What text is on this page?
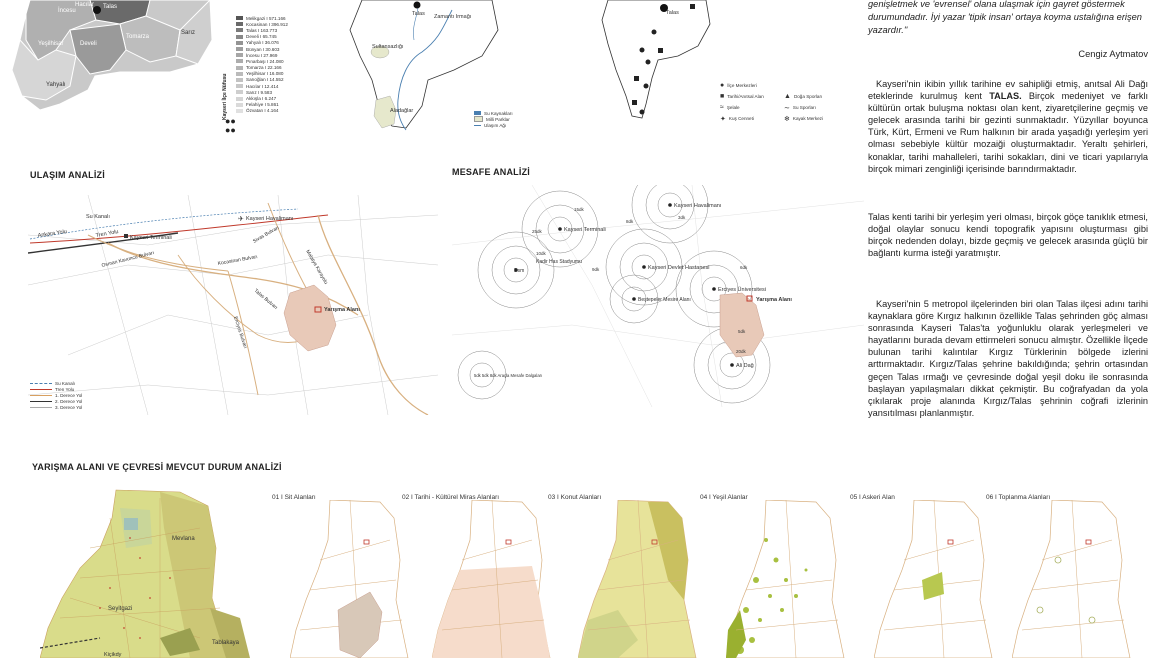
Hacılar Talas
İncesu
Tomarza
Sarız
Yeşilhisar	Develi
Yahyalı
Melikgazi I 571.166
Kocasinan I 396.912
Talas I 163.773
Develi I 65.745
Yahyalı I 36.076
Bünyan I 30.603
İncesu I 27.969
Pınarbaşı I 24.080
Tomarza I 22.166
Yeşilhisar I 16.080
Sarıoğlan I 14.552
Hacılar I 12.414
Sarız I 9.583
Akkışla I 6.247
Felahiye I 5.861
Özvatan I 4.164
Kayseri İlçe Nüfusu
●●
●●
Talas Zamantı Irmağı
Sultansazlığı
Aladağlar	Su Kaynakları
Milli Parklar
Ulaşım Ağı
Talas
● İlçe Merkezleri
■ Tarihi/Anıtsal Alan
≈ Şelale
✦ Kuş Cenneti
▲ Doğa Sporları
∼ Su Sporları
❄ Kayak Merkezi
genişletmek ve 'evrensel' olana ulaşmak için gayret göstermek durumundadır. İyi yazar 'tipik insan' ortaya koyma ustalığına erişen yazardır.''
Cengiz Aytmatov
Kayseri'nin ikibin yıllık tarihine ev sahipliği etmiş, anıtsal Ali Dağı eteklerinde kurulmuş kent TALAS. Birçok medeniyet ve farklı kültürün ortak buluşma noktası olan kent, ziyaretçilerine geçmiş ve gelecek arasında tarihi bir gezinti sunmaktadır. Yüzyıllar boyunca Türk, Kürt, Ermeni ve Rum halkının bir arada yaşadığı yerleşim yeri olması sebebiyle kültür mozaiği oluşturmaktadır. Yeraltı şehirleri, konaklar, tarihi mahalleleri, tarihi sokakları, dini ve ticari yapılarıyla birçok mimari zenginliği içerisinde barındırmaktadır.
Talas kenti tarihi bir yerleşim yeri olması, birçok göçe tanıklık etmesi, doğal olaylar sonucu kendi topografik yapısını oluşturması gibi birçok nedenden dolayı, bizde geçmiş ve gelecek arasında güçlü bir bağlantı kurma isteği yaratmıştır.
Kayseri'nin 5 metropol ilçelerinden biri olan Talas ilçesi adını tarihi kaynaklara göre Kırgız halkının özellikle Talas şehrinden göç alması sonrasında Kayseri Talas'ta yoğunluklu olarak yerleşmeleri ve hayatlarını burada devam ettirmeleri sonucu almıştır. Özellikle İlçede bulunan tarihi kalıntılar Kırgız Türklerinin bölgede izlerini arttırmaktadır. Kırgız/Talas şehrine bakıldığında; şehrin ortasından geçen Talas ırmağı ve çevresinde doğal yeşil doku ile sonrasında başlayan yapılaşmaları dikkat çekmiştir. Bu coğrafyadan da yola çıkılarak proje alanında Kırgız/Talas şehrinin coğrafi izlerinin yansıtılması planlanmıştır.
ULAŞIM ANALİZİ
Su Kanalı
Ankara Yolu	Tren Yolu Kayseri Terminali
Kayseri Havalimanı
✈
Sivas Bulvarı
Kocasinan Bulvarı
Osman Kavuncu Bulvarı	Malatya Karayolu
Talas Bulvarı
Erciyes Bulvarı
Yarışma Alanı
Su Kanalı
Tren Yolu
1. Derece Yol
2. Derece Yol
3. Derece Yol
MESAFE ANALİZİ
Kayseri Havalimanı
Kayseri Terminali
Kadir Has Stadyumu
Kayseri Devlet Hastanesi
Erciyes Üniversitesi
Yarışma Alanı
Beştepeler Mesire Alanı
Ali Dağ
Dsm
15dk
10dk
9dk
5dk
6dk
3dk
8dk
25dk
20dk
5dk 5dk 8dk Araçla Mesafe Dalgaları
YARIŞMA ALANI VE ÇEVRESİ MEVCUT DURUM ANALİZİ
Mevlana
Seyitgazi
Tablakaya
Kiçikdy
01 I Sit Alanları	02 I Tarihi - Kültürel Miras Alanları	03 I Konut Alanları	04 I Yeşil Alanlar	05 I Askeri Alan	06 I Toplanma Alanları
